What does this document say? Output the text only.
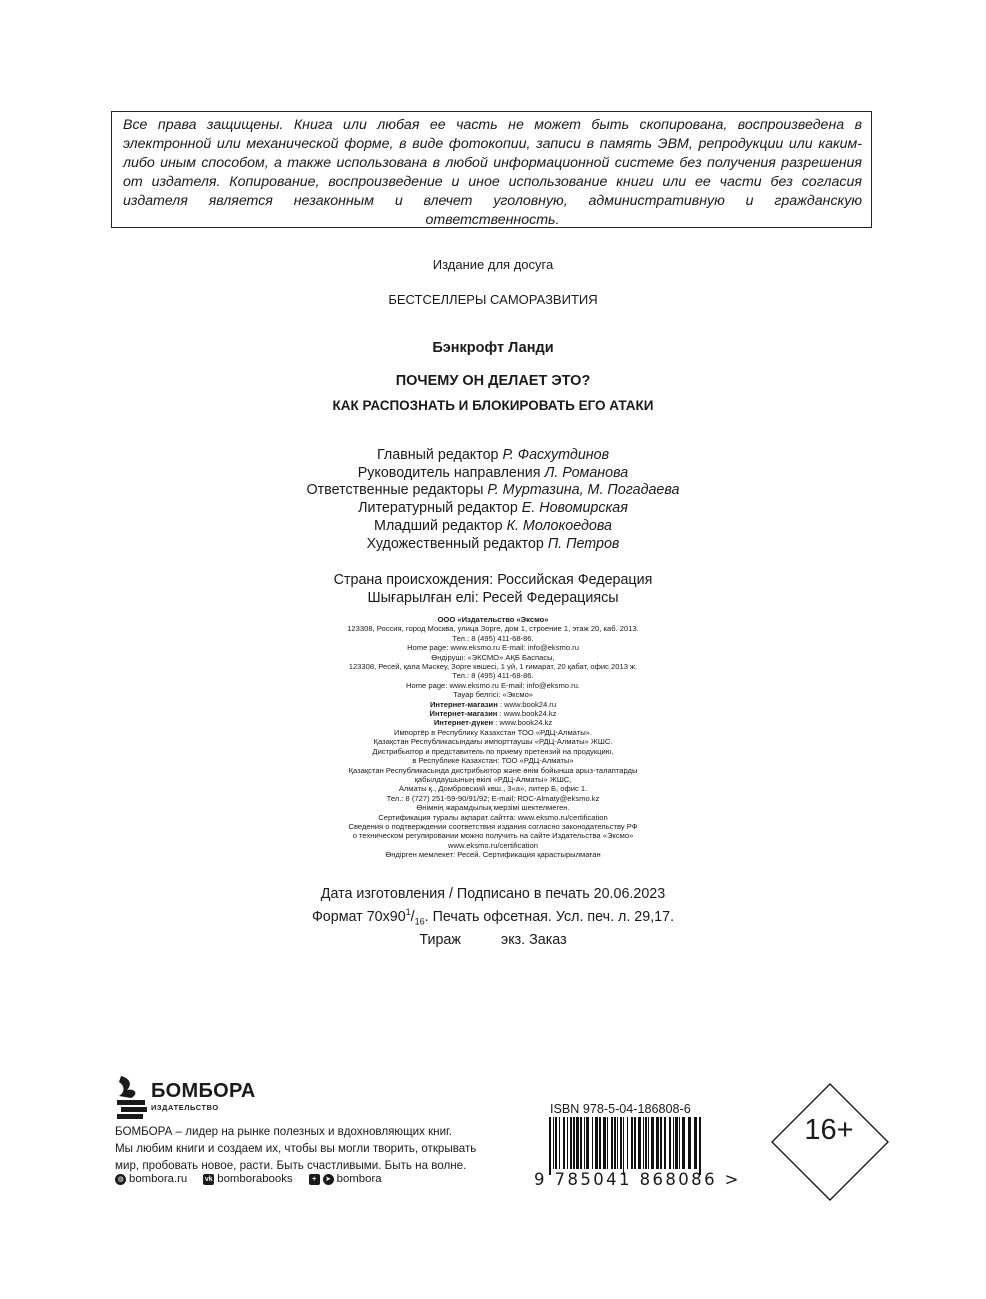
Все права защищены. Книга или любая ее часть не может быть скопирована, воспроизведена в электронной или механической форме, в виде фотокопии, записи в память ЭВМ, репродукции или каким-либо иным способом, а также использована в любой информационной системе без получения разрешения от издателя. Копирование, воспроизведение и иное использование книги или ее части без согласия издателя является незаконным и влечет уголовную, административную и гражданскую ответственность.
Издание для досуга
БЕСТСЕЛЛЕРЫ САМОРАЗВИТИЯ
Бэнкрофт Ланди
ПОЧЕМУ ОН ДЕЛАЕТ ЭТО?
КАК РАСПОЗНАТЬ И БЛОКИРОВАТЬ ЕГО АТАКИ
Главный редактор Р. Фасхутдинов
Руководитель направления Л. Романова
Ответственные редакторы Р. Муртазина, М. Погадаева
Литературный редактор Е. Новомирская
Младший редактор К. Молокоедова
Художественный редактор П. Петров
Страна происхождения: Российская Федерация
Шығарылған елі: Ресей Федерациясы
ООО «Издательство «Эксмо»
123308, Россия, город Москва, улица Зорге, дом 1, строение 1, этаж 20, каб. 2013.
Тел.: 8 (495) 411-68-86.
Home page: www.eksmo.ru E-mail: info@eksmo.ru
Өндіруші: «ЭКСМО» АҚБ Баспасы,
123308, Ресей, қала Мәскеу, Зорге көшесі, 1 үй, 1 ғимарат, 20 қабат, офис 2013 ж.
Тел.: 8 (495) 411-68-86.
Home page: www.eksmo.ru E-mail: info@eksmo.ru.
Тауар белгісі: «Эксмо»
Интернет-магазин : www.book24.ru
Интернет-магазин : www.book24.kz
Интернет-дүкен : www.book24.kz
Импортёр в Республику Казахстан ТОО «РДЦ-Алматы».
Қазақстан Республикасындағы импорттаушы «РДЦ-Алматы» ЖШС.
Дистрибьютор и представитель по приему претензий на продукцию,
в Республике Казахстан: ТОО «РДЦ-Алматы»
Қазақстан Республикасында дистрибьютор және өнім бойынша арыз-талаптарды
қабылдаушының өкілі «РДЦ-Алматы» ЖШС,
Алматы қ., Домбровский көш., 3«а», литер Б, офис 1.
Тел.: 8 (727) 251-59-90/91/92; E-mail: RDC-Almaty@eksmo.kz
Өнімнің жарамдылық мерзімі шектелмеген.
Сертификация туралы ақпарат сайтта: www.eksmo.ru/certification
Сведения о подтверждении соответствия издания согласно законодательству РФ
о техническом регулировании можно получить на сайте Издательства «Эксмо»
www.eksmo.ru/certification
Өндірген мемлекет: Ресей. Сертификация қарастырылмаған
Дата изготовления / Подписано в печать 20.06.2023
Формат $70x90^1/_{16}$. Печать офсетная. Усл. печ. л. 29,17.
Тираж	экз. Заказ
БОМБОРА
ИЗДАТЕЛЬСТВО
БОМБОРА – лидер на рынке полезных и вдохновляющих книг.
Мы любим книги и создаем их, чтобы вы могли творить, открывать
мир, пробовать новое, расти. Быть счастливыми. Быть на волне.
◍ bombora.ru	vk bomborabooks	+	➤ bombora
ISBN 978-5-04-186808-6
9 785041 868086 >
16+
